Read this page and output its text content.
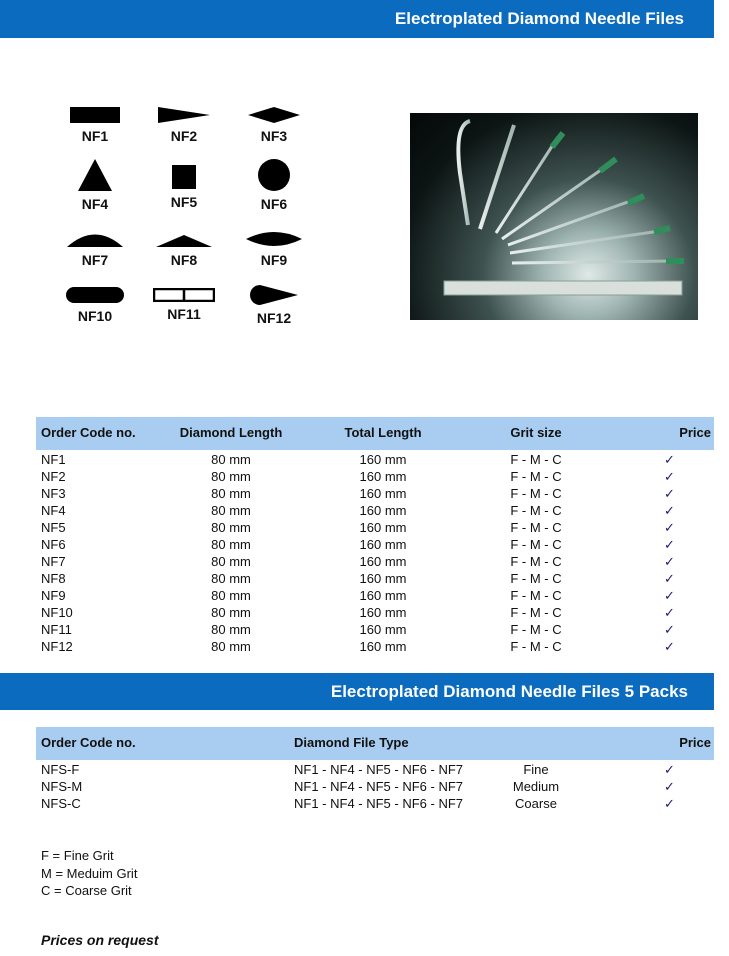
Electroplated Diamond Needle Files
NF1	NF2	NF3
NF4	NF5	NF6
NF7	NF8	NF9
NF10	NF11	NF12
Order Code no.	Diamond Length	Total Length	Grit size	Price
NF1	80 mm	160 mm	F - M - C	✓
NF2	80 mm	160 mm	F - M - C	✓
NF3	80 mm	160 mm	F - M - C	✓
NF4	80 mm	160 mm	F - M - C	✓
NF5	80 mm	160 mm	F - M - C	✓
NF6	80 mm	160 mm	F - M - C	✓
NF7	80 mm	160 mm	F - M - C	✓
NF8	80 mm	160 mm	F - M - C	✓
NF9	80 mm	160 mm	F - M - C	✓
NF10	80 mm	160 mm	F - M - C	✓
NF11	80 mm	160 mm	F - M - C	✓
NF12	80 mm	160 mm	F - M - C	✓
Electroplated Diamond Needle Files 5 Packs
Order Code no.	Diamond File Type	Price
NFS-F	NF1 - NF4 - NF5 - NF6 - NF7	Fine	✓
NFS-M	NF1 - NF4 - NF5 - NF6 - NF7	Medium	✓
NFS-C	NF1 - NF4 - NF5 - NF6 - NF7	Coarse	✓
F = Fine Grit
M = Meduim Grit
C = Coarse Grit
Prices on request
